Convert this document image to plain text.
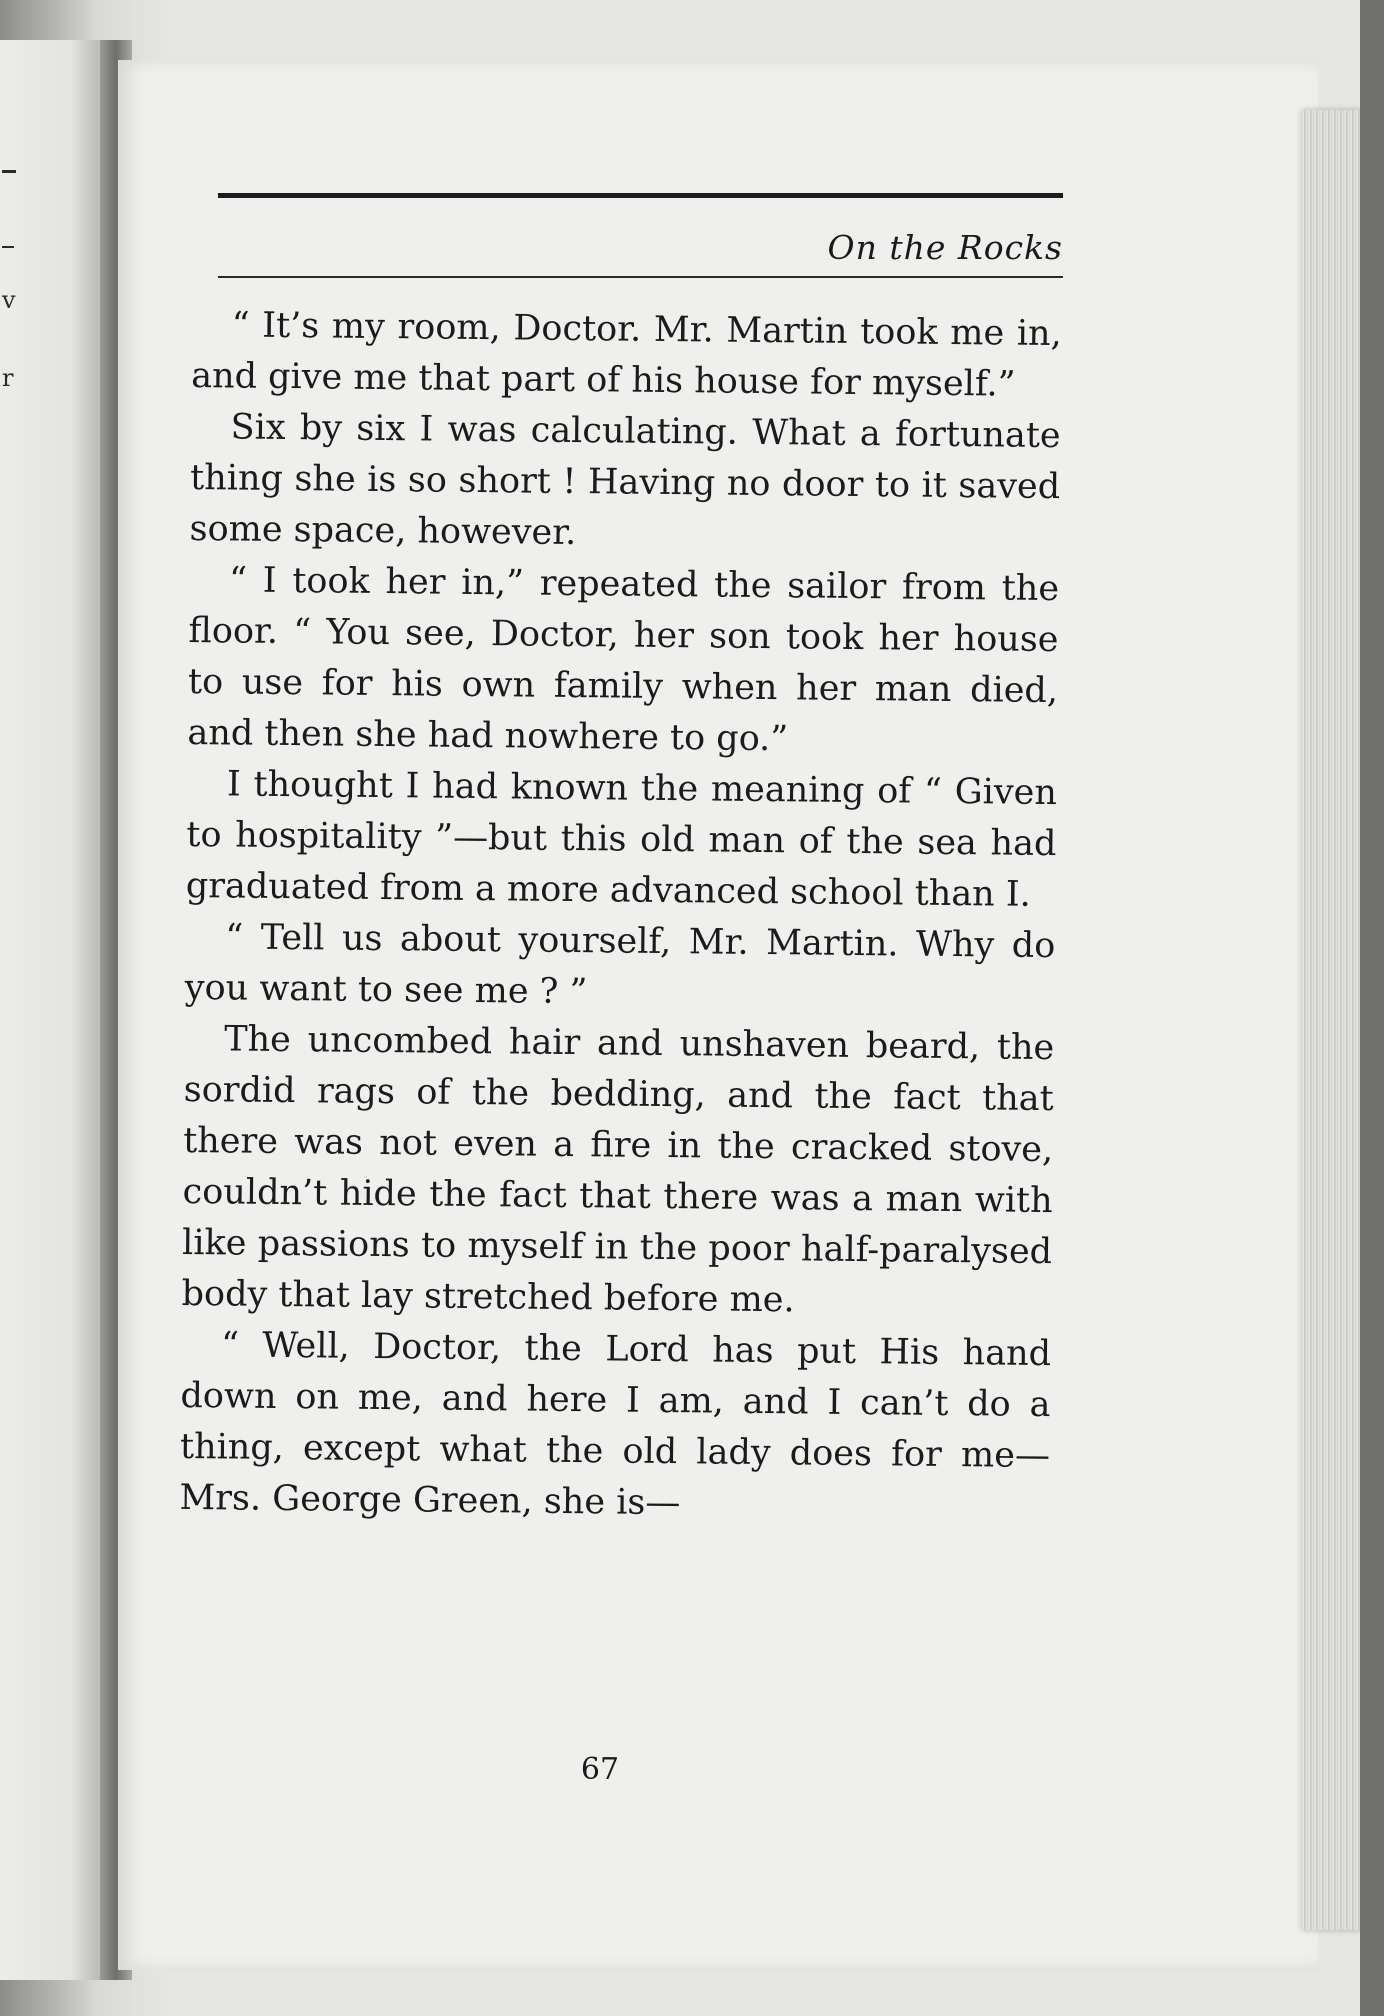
v
r
On the Rocks

“ It’s my room, Doctor. Mr. Martin took me in, and give me that part of his house for myself.”

Six by six I was calculating. What a fortunate thing she is so short ! Having no door to it saved some space, however.

“ I took her in,” repeated the sailor from the floor. “ You see, Doctor, her son took her house to use for his own family when her man died, and then she had nowhere to go.”

I thought I had known the meaning of “ Given to hospitality ”—but this old man of the sea had graduated from a more advanced school than I.

“ Tell us about yourself, Mr. Martin. Why do you want to see me ? ”

The uncombed hair and unshaven beard, the sordid rags of the bedding, and the fact that there was not even a fire in the cracked stove, couldn’t hide the fact that there was a man with like passions to myself in the poor half-paralysed body that lay stretched before me.

“ Well, Doctor, the Lord has put His hand down on me, and here I am, and I can’t do a thing, except what the old lady does for me—Mrs. George Green, she is—

67
